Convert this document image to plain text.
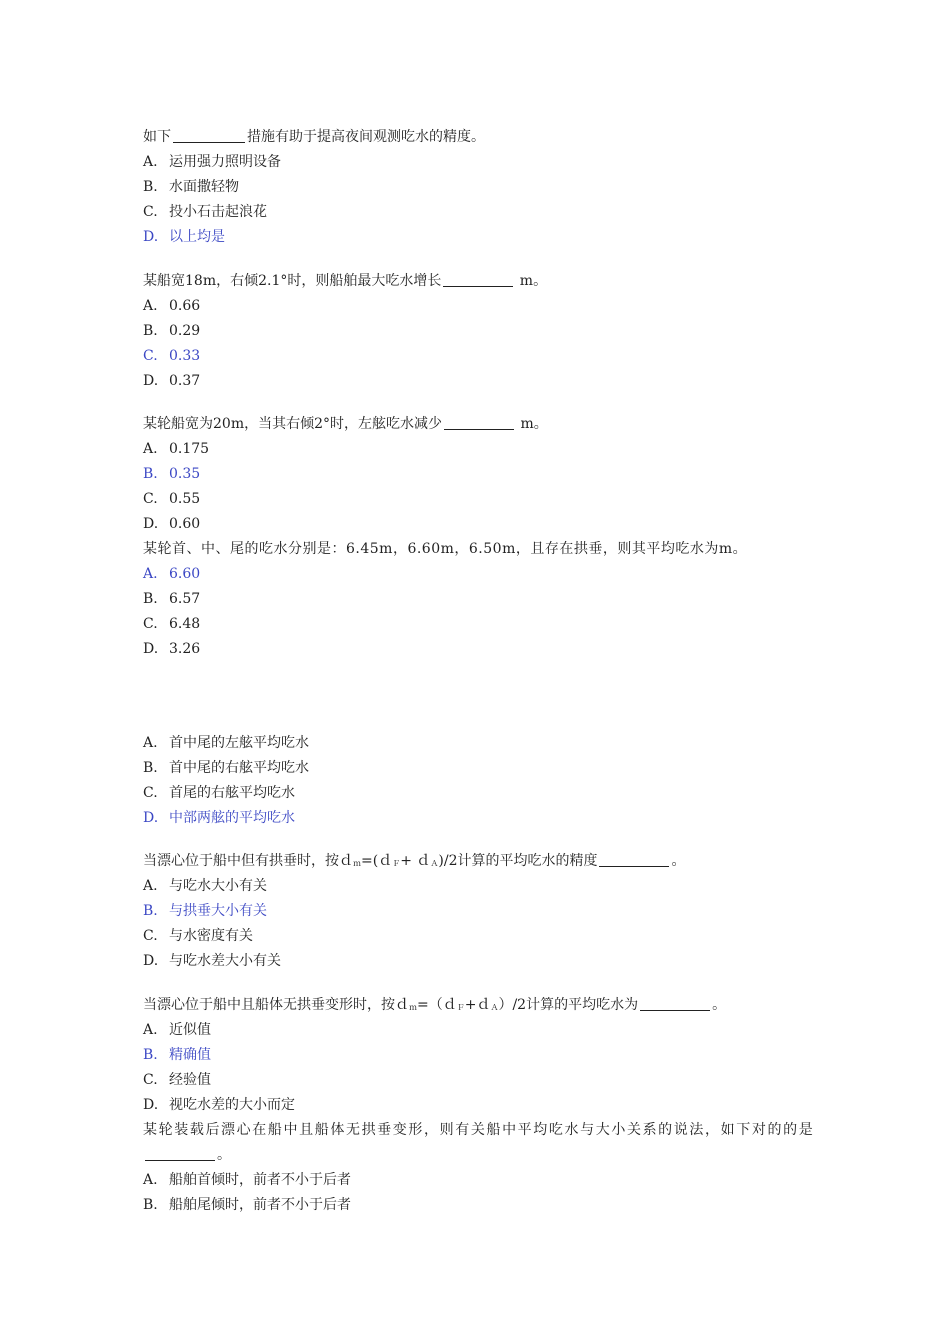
如下	措施有助于提高夜间观测吃水的精度。
A. 运用强力照明设备
B. 水面撒轻物
C. 投小石击起浪花
D. 以上均是
某船宽18m，右倾2.1°时，则船舶最大吃水增长	m。
A. 0.66
B. 0.29
C. 0.33
D. 0.37
某轮船宽为20m，当其右倾2°时，左舷吃水减少	m。
A. 0.175
B. 0.35
C. 0.55
D. 0.60
某轮首、中、尾的吃水分别是：6.45m，6.60m，6.50m，且存在拱垂，则其平均吃水为m。
A. 6.60
B. 6.57
C. 6.48
D. 3.26
A. 首中尾的左舷平均吃水
B. 首中尾的右舷平均吃水
C. 首尾的右舷平均吃水
D. 中部两舷的平均吃水
当漂心位于船中但有拱垂时，按ｄ$_m$=(ｄ$_F$+ ｄ$_A$)/2计算的平均吃水的精度	。
A. 与吃水大小有关
B. 与拱垂大小有关
C. 与水密度有关
D. 与吃水差大小有关
当漂心位于船中且船体无拱垂变形时，按ｄ$_m$=（ｄ$_F$+ｄ$_A$）/2计算的平均吃水为	。
A. 近似值
B. 精确值
C. 经验值
D. 视吃水差的大小而定
某轮装载后漂心在船中且船体无拱垂变形，则有关船中平均吃水与大小关系的说法，如下对的的是。
A. 船舶首倾时，前者不小于后者
B. 船舶尾倾时，前者不小于后者
